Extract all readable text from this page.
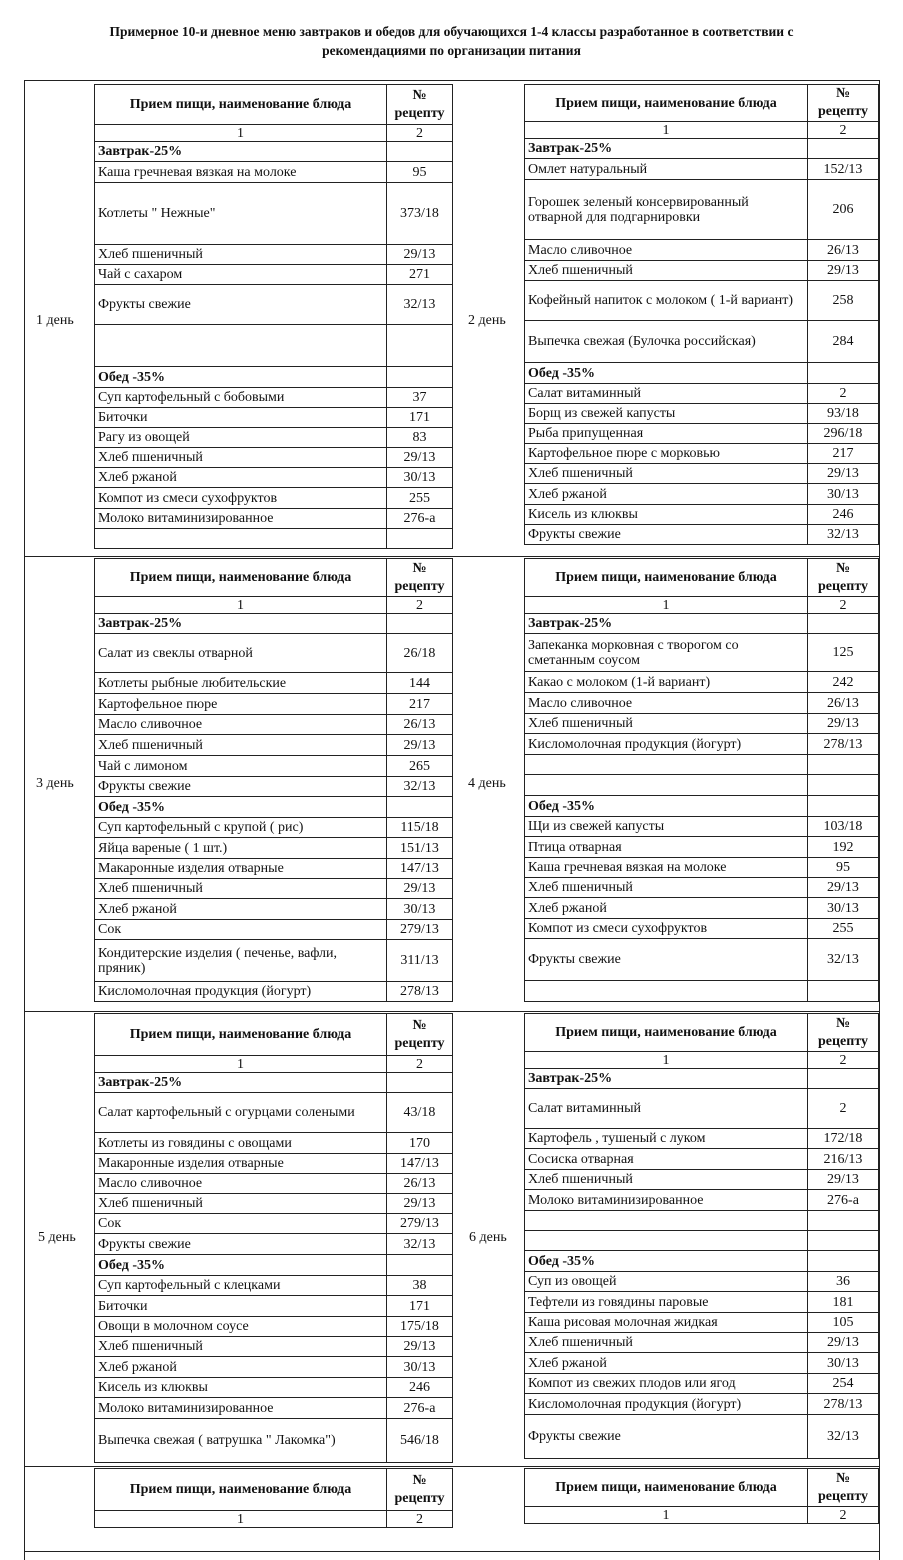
Примерное 10-и дневное меню завтраков и обедов для обучающихся 1-4 классы разработанное в соответствии с
рекомендациями по организации питания
1 день
Прием пищи, наименование блюда	№
рецепту
1	2
Завтрак-25%	
Каша гречневая вязкая на молоке	95
Котлеты " Нежные"	373/18
Хлеб пшеничный	29/13
Чай с сахаром	271
Фрукты свежие	32/13

Обед -35%	
Суп картофельный с бобовыми	37
Биточки	171
Рагу из овощей	83
Хлеб пшеничный	29/13
Хлеб ржаной	30/13
Компот из смеси сухофруктов	255
Молоко витаминизированное	276-а

2 день
Прием пищи, наименование блюда	№
рецепту
1	2
Завтрак-25%	
Омлет натуральный	152/13
Горошек зеленый консервированный отварной для подгарнировки	206
Масло сливочное	26/13
Хлеб пшеничный	29/13
Кофейный напиток с молоком ( 1-й вариант)	258
Выпечка свежая (Булочка российская)	284
Обед -35%	
Салат витаминный	2
Борщ из свежей капусты	93/18
Рыба припущенная	296/18
Картофельное пюре с морковью	217
Хлеб пшеничный	29/13
Хлеб ржаной	30/13
Кисель из клюквы	246
Фрукты свежие	32/13
3 день
Прием пищи, наименование блюда	№
рецепту
1	2
Завтрак-25%	
Салат из свеклы отварной	26/18
Котлеты рыбные любительские	144
Картофельное пюре	217
Масло сливочное	26/13
Хлеб пшеничный	29/13
Чай с лимоном	265
Фрукты свежие	32/13
Обед -35%	
Суп картофельный с крупой ( рис)	115/18
Яйца вареные ( 1 шт.)	151/13
Макаронные изделия отварные	147/13
Хлеб пшеничный	29/13
Хлеб ржаной	30/13
Сок	279/13
Кондитерские изделия ( печенье, вафли, пряник)	311/13
Кисломолочная продукция (йогурт)	278/13
4 день
Прием пищи, наименование блюда	№
рецепту
1	2
Завтрак-25%	
Запеканка морковная с творогом со сметанным соусом	125
Какао с молоком (1-й вариант)	242
Масло сливочное	26/13
Хлеб пшеничный	29/13
Кисломолочная продукция (йогурт)	278/13

Обед -35%	
Щи из свежей капусты	103/18
Птица отварная	192
Каша гречневая вязкая на молоке	95
Хлеб пшеничный	29/13
Хлеб ржаной	30/13
Компот из смеси сухофруктов	255
Фрукты свежие	32/13

5 день
Прием пищи, наименование блюда	№
рецепту
1	2
Завтрак-25%	
Салат картофельный с огурцами солеными	43/18
Котлеты из говядины с овощами	170
Макаронные изделия отварные	147/13
Масло сливочное	26/13
Хлеб пшеничный	29/13
Сок	279/13
Фрукты свежие	32/13
Обед -35%	
Суп картофельный с клецками	38
Биточки	171
Овощи в молочном соусе	175/18
Хлеб пшеничный	29/13
Хлеб ржаной	30/13
Кисель из клюквы	246
Молоко витаминизированное	276-а
Выпечка свежая ( ватрушка " Лакомка")	546/18
6 день
Прием пищи, наименование блюда	№
рецепту
1	2
Завтрак-25%	
Салат витаминный	2
Картофель , тушеный с луком	172/18
Сосиска отварная	216/13
Хлеб пшеничный	29/13
Молоко витаминизированное	276-а

Обед -35%	
Суп из овощей	36
Тефтели из говядины паровые	181
Каша рисовая молочная жидкая	105
Хлеб пшеничный	29/13
Хлеб ржаной	30/13
Компот из свежих плодов или ягод	254
Кисломолочная продукция (йогурт)	278/13
Фрукты свежие	32/13
Прием пищи, наименование блюда	№
рецепту
1	2
Прием пищи, наименование блюда	№
рецепту
1	2
